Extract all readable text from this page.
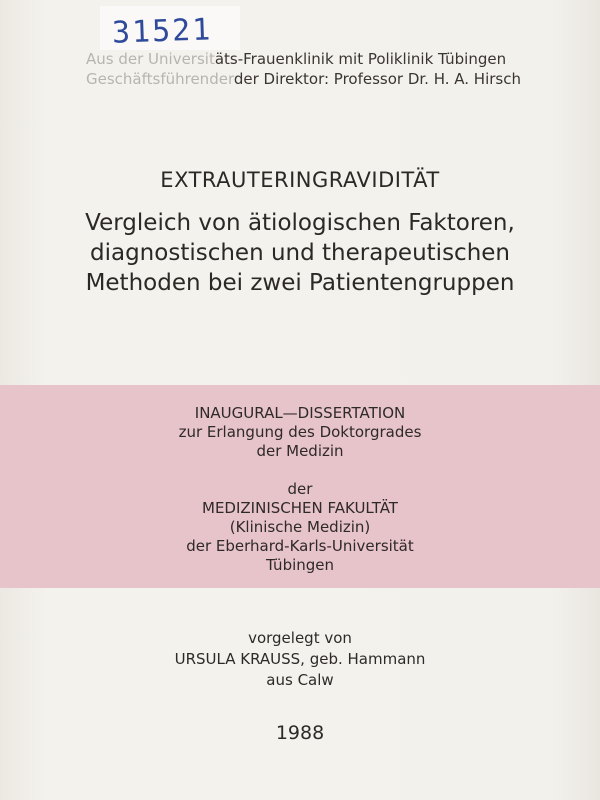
31521
Aus der Universitäts-Frauenklinik mit Poliklinik Tübingen
Geschäftsführenderder Direktor: Professor Dr. H. A. Hirsch
EXTRAUTERINGRAVIDITÄT
Vergleich von ätiologischen Faktoren,
diagnostischen und therapeutischen
Methoden bei zwei Patientengruppen
INAUGURAL—DISSERTATION
zur Erlangung des Doktorgrades
der Medizin
der
MEDIZINISCHEN FAKULTÄT
(Klinische Medizin)
der Eberhard-Karls-Universität
Tübingen
vorgelegt von
URSULA KRAUSS, geb. Hammann
aus Calw
1988
